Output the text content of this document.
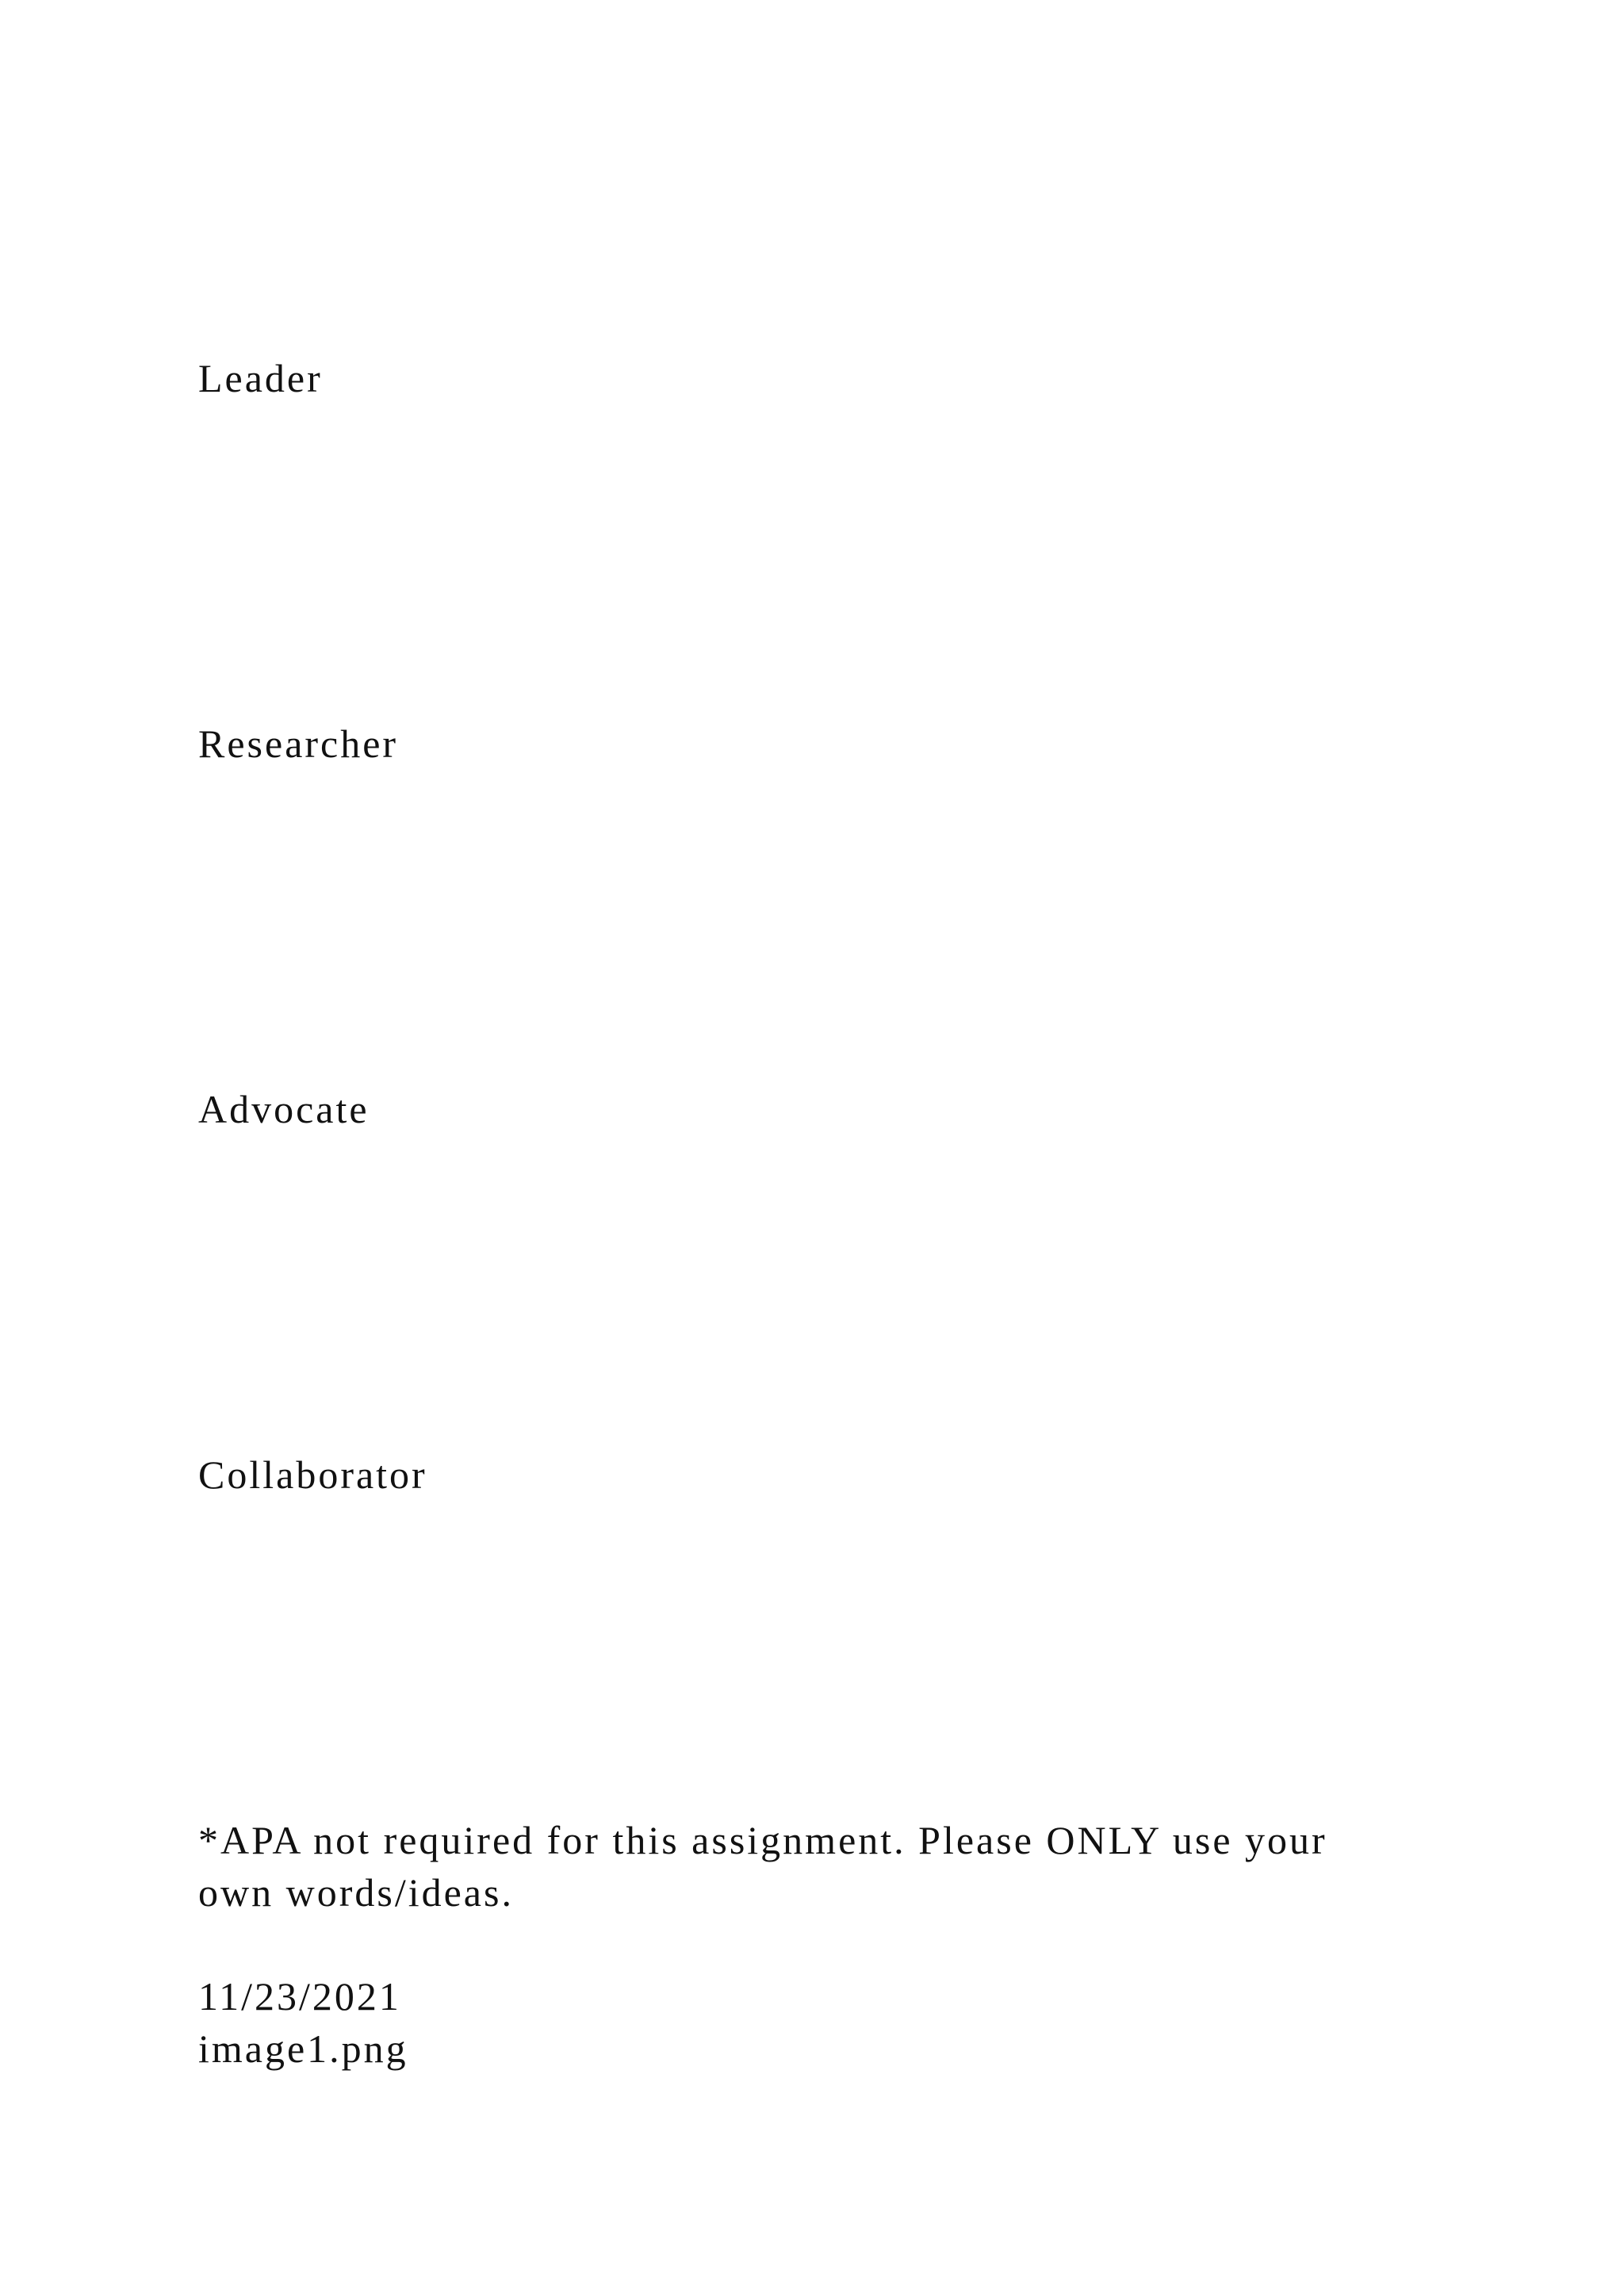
Leader
Researcher
Advocate
Collaborator

*APA not required for this assignment. Please ONLY use your

own words/ideas.

11/23/2021

image1.png
